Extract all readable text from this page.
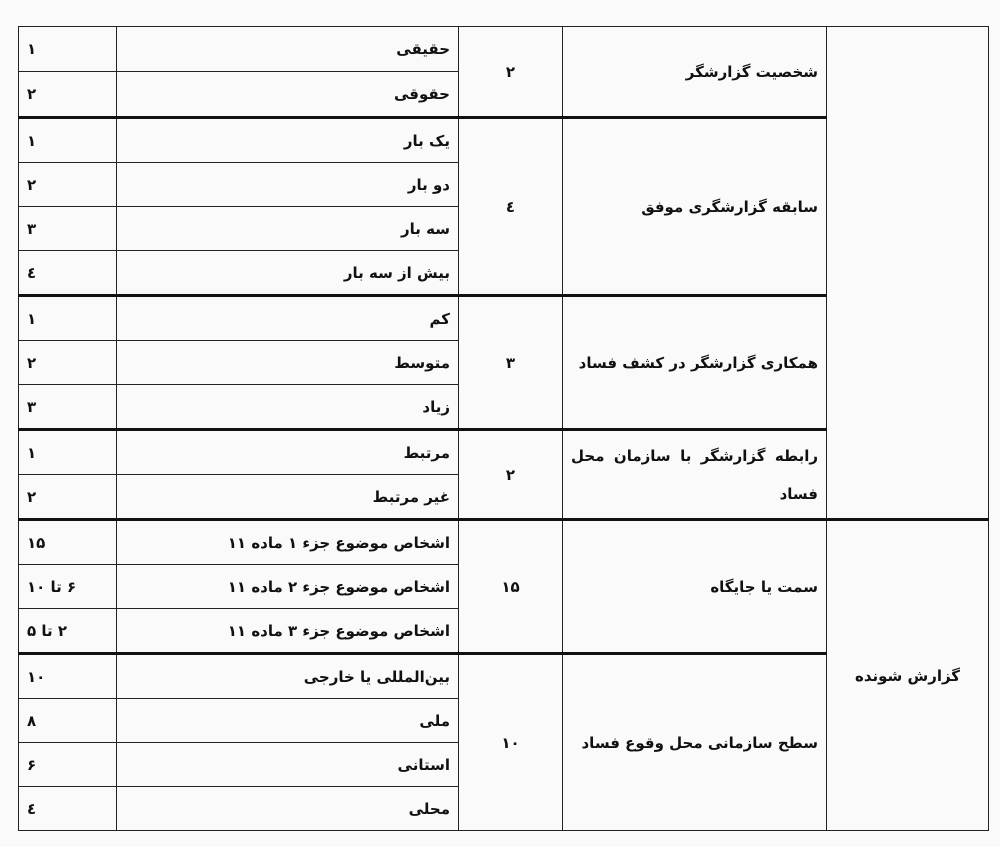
	شخصیت گزارشگر	۲	حقیقی	۱
			حقوقی	۲
	سابقه گزارشگری موفق	٤	یک بار	۱
			دو بار	۲
			سه بار	۳
			بیش از سه بار	٤
	همکاری گزارشگر در کشف فساد	۳	کم	۱
			متوسط	۲
			زیاد	۳
	رابطه گزارشگر با سازمان محل فساد	۲	مرتبط	۱
			غیر مرتبط	۲
گزارش شونده	سمت یا جایگاه	۱۵	اشخاص موضوع جزء ۱ ماده ۱۱	۱۵
			اشخاص موضوع جزء ۲ ماده ۱۱	۶ تا ۱۰
			اشخاص موضوع جزء ۳ ماده ۱۱	۲ تا ۵
	سطح سازمانی محل وقوع فساد	۱۰	بین‌المللی یا خارجی	۱۰
			ملی	۸
			استانی	۶
			محلی	٤
